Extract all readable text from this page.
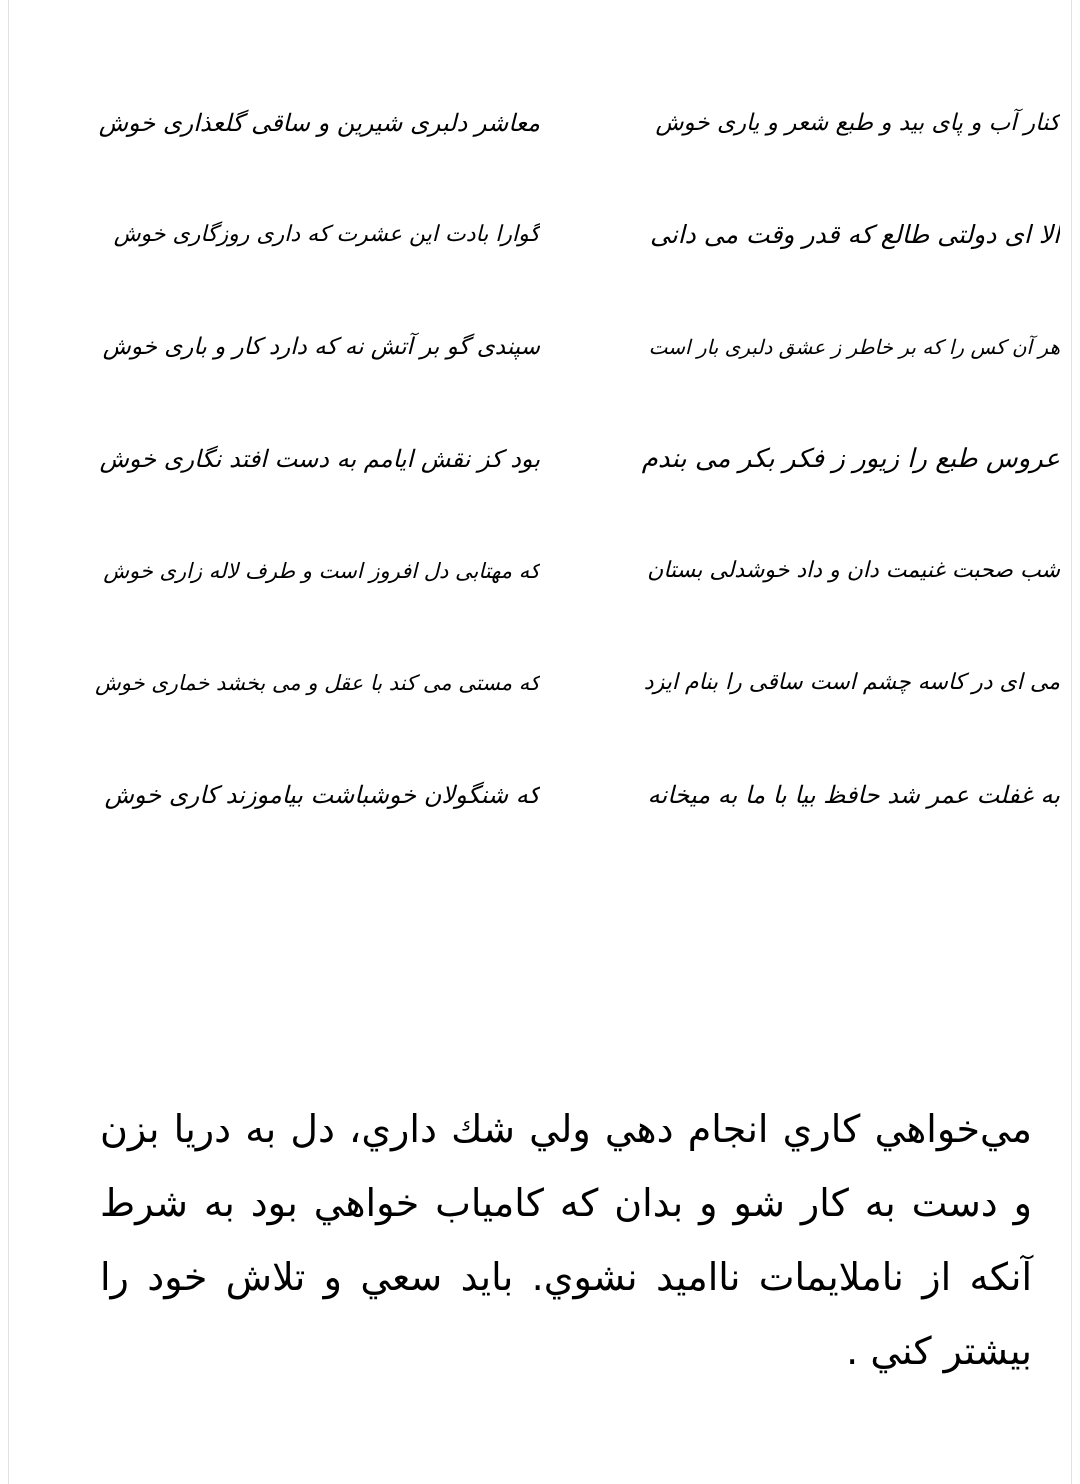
کنار آب و پای بید و طبع شعر و یاری خوش
معاشر دلبری شیرین و ساقی گلعذاری خوش
الا ای دولتی طالع که قدر وقت می دانی
گوارا بادت این عشرت که داری روزگاری خوش
هر آن کس را که بر خاطر ز عشق دلبری بار است
سپندی گو بر آتش نه که دارد کار و باری خوش
عروس طبع را زیور ز فکر بکر می بندم
بود کز نقش ایامم به دست افتد نگاری خوش
شب صحبت غنیمت دان و داد خوشدلی بستان
که مهتابی دل افروز است و طرف لاله زاری خوش
می ای در کاسه چشم است ساقی را بنام ایزد
که مستی می کند با عقل و می بخشد خماری خوش
به غفلت عمر شد حافظ بیا با ما به میخانه
که شنگولان خوشباشت بیاموزند کاری خوش

مي‌خواهي كاري انجام دهي ولي شك داري، دل به دريا بزن و دست به كار شو و بدان كه كامياب خواهي بود به شرط آنكه از ناملايمات نااميد نشوي. بايد سعي و تلاش خود را بيشتر كني .
